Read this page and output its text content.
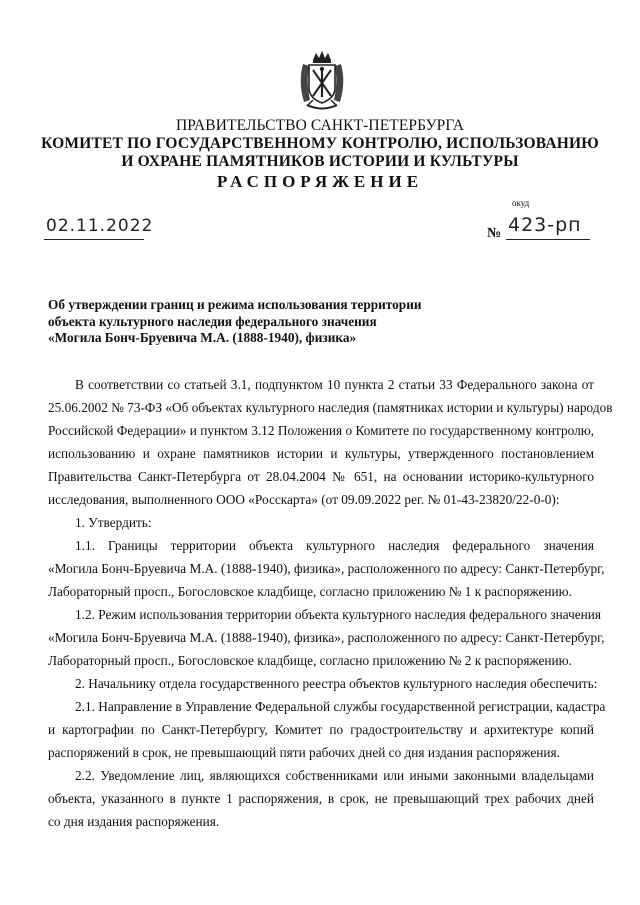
ПРАВИТЕЛЬСТВО САНКТ-ПЕТЕРБУРГА
КОМИТЕТ ПО ГОСУДАРСТВЕННОМУ КОНТРОЛЮ, ИСПОЛЬЗОВАНИЮ
И ОХРАНЕ ПАМЯТНИКОВ ИСТОРИИ И КУЛЬТУРЫ
РАСПОРЯЖЕНИЕ
окуд
02.11.2022	№ 423-рп
Об утверждении границ и режима использования территории
объекта культурного наследия федерального значения
«Могила Бонч-Бруевича М.А. (1888-1940), физика»
В соответствии со статьей 3.1, подпунктом 10 пункта 2 статьи 33 Федерального закона от
25.06.2002 № 73-ФЗ «Об объектах культурного наследия (памятниках истории и культуры) народов
Российской Федерации» и пунктом 3.12 Положения о Комитете по государственному контролю,
использованию и охране памятников истории и культуры, утвержденного постановлением
Правительства Санкт-Петербурга от 28.04.2004 № 651, на основании историко-культурного
исследования, выполненного ООО «Росскарта» (от 09.09.2022 рег. № 01-43-23820/22-0-0):
1. Утвердить:
1.1. Границы территории объекта культурного наследия федерального значения
«Могила Бонч-Бруевича М.А. (1888-1940), физика», расположенного по адресу: Санкт-Петербург,
Лабораторный просп., Богословское кладбище, согласно приложению № 1 к распоряжению.
1.2. Режим использования территории объекта культурного наследия федерального значения
«Могила Бонч-Бруевича М.А. (1888-1940), физика», расположенного по адресу: Санкт-Петербург,
Лабораторный просп., Богословское кладбище, согласно приложению № 2 к распоряжению.
2. Начальнику отдела государственного реестра объектов культурного наследия обеспечить:
2.1. Направление в Управление Федеральной службы государственной регистрации, кадастра
и картографии по Санкт-Петербургу, Комитет по градостроительству и архитектуре копий
распоряжений в срок, не превышающий пяти рабочих дней со дня издания распоряжения.
2.2. Уведомление лиц, являющихся собственниками или иными законными владельцами
объекта, указанного в пункте 1 распоряжения, в срок, не превышающий трех рабочих дней
со дня издания распоряжения.
